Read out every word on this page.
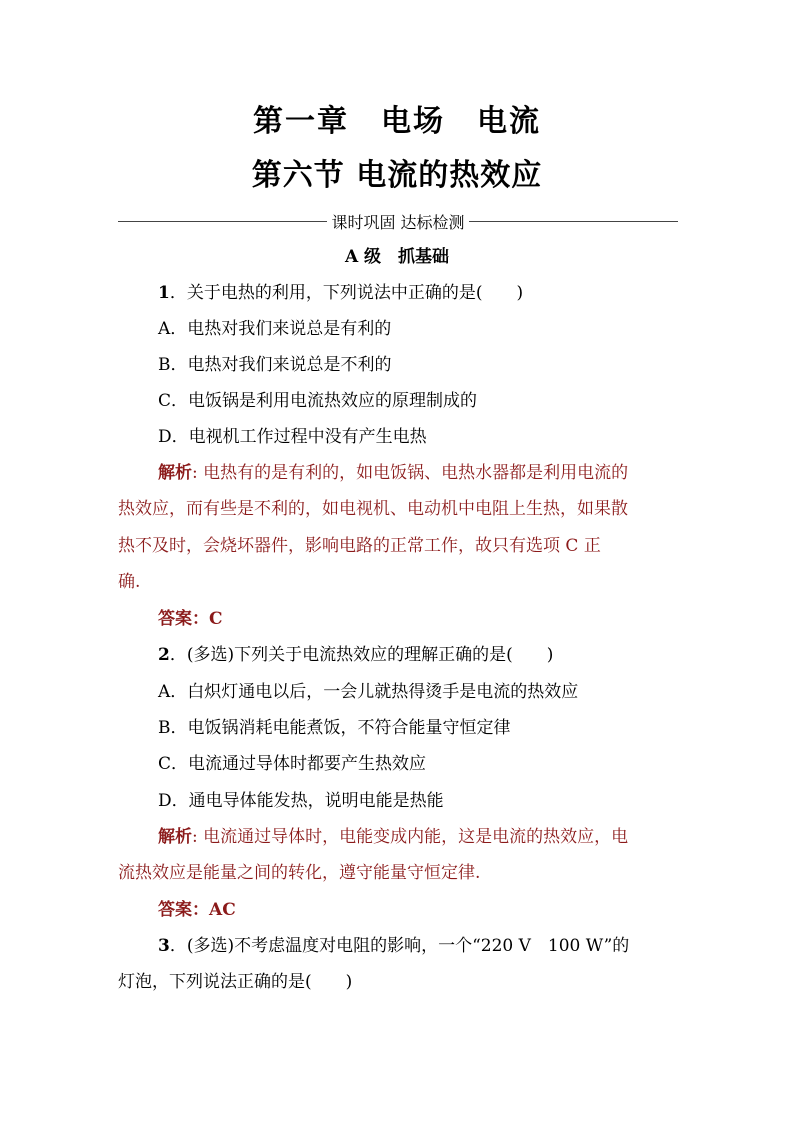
第一章　电场　电流
第六节 电流的热效应
课时巩固 达标检测
A 级　抓基础
1．关于电热的利用，下列说法中正确的是(　　)
A．电热对我们来说总是有利的
B．电热对我们来说总是不利的
C．电饭锅是利用电流热效应的原理制成的
D．电视机工作过程中没有产生电热
解析: 电热有的是有利的，如电饭锅、电热水器都是利用电流的
热效应，而有些是不利的，如电视机、电动机中电阻上生热，如果散
热不及时，会烧坏器件，影响电路的正常工作，故只有选项 C 正
确.
答案：C
2．(多选)下列关于电流热效应的理解正确的是(　　)
A．白炽灯通电以后，一会儿就热得烫手是电流的热效应
B．电饭锅消耗电能煮饭，不符合能量守恒定律
C．电流通过导体时都要产生热效应
D．通电导体能发热，说明电能是热能
解析: 电流通过导体时，电能变成内能，这是电流的热效应，电
流热效应是能量之间的转化，遵守能量守恒定律.
答案：AC
3．(多选)不考虑温度对电阻的影响，一个“220 V　100 W”的
灯泡，下列说法正确的是(　　)
